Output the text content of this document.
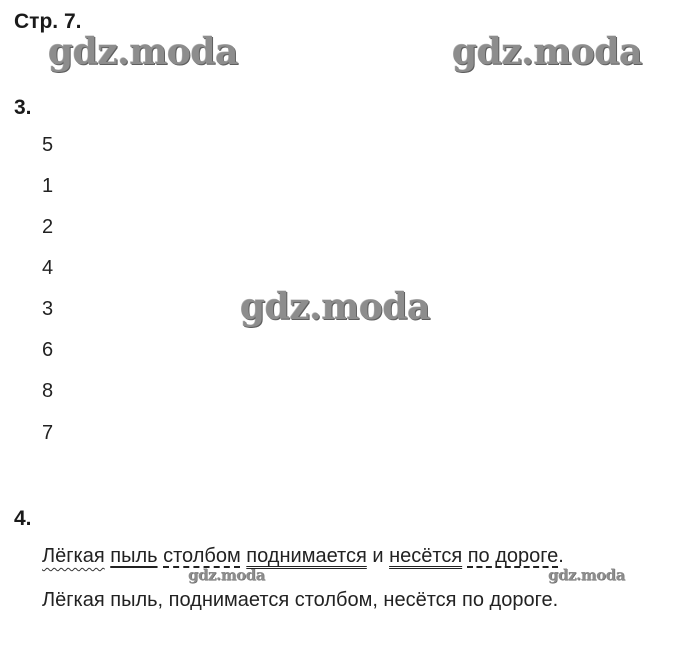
Стр. 7.
gdz.moda	gdz.moda
gdz.moda
gdz.moda	gdz.moda
3.
5
1
2
4
3
6
8
7
4.
Лёгкая пыль столбом поднимается и несётся по дороге.
Лёгкая пыль, поднимается столбом, несётся по дороге.
